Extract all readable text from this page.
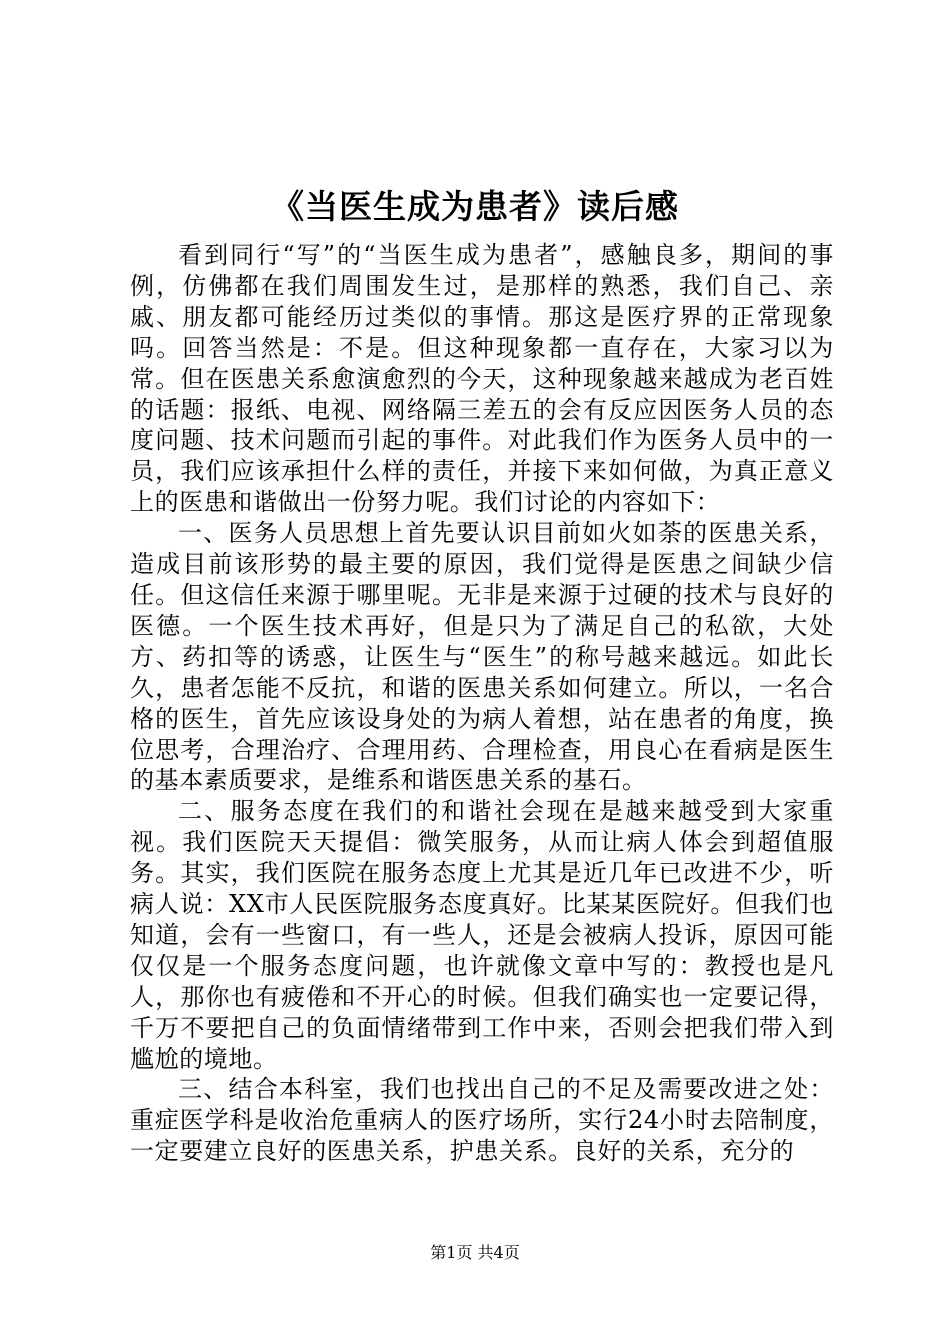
《当医生成为患者》读后感

看到同行“写”的“当医生成为患者”，感触良多，期间的事例，仿佛都在我们周围发生过，是那样的熟悉，我们自己、亲戚、朋友都可能经历过类似的事情。那这是医疗界的正常现象吗。回答当然是：不是。但这种现象都一直存在，大家习以为常。但在医患关系愈演愈烈的今天，这种现象越来越成为老百姓的话题：报纸、电视、网络隔三差五的会有反应因医务人员的态度问题、技术问题而引起的事件。对此我们作为医务人员中的一员，我们应该承担什么样的责任，并接下来如何做，为真正意义上的医患和谐做出一份努力呢。我们讨论的内容如下：

一、医务人员思想上首先要认识目前如火如荼的医患关系，造成目前该形势的最主要的原因，我们觉得是医患之间缺少信任。但这信任来源于哪里呢。无非是来源于过硬的技术与良好的医德。一个医生技术再好，但是只为了满足自己的私欲，大处方、药扣等的诱惑，让医生与“医生”的称号越来越远。如此长久，患者怎能不反抗，和谐的医患关系如何建立。所以，一名合格的医生，首先应该设身处的为病人着想，站在患者的角度，换位思考，合理治疗、合理用药、合理检查，用良心在看病是医生的基本素质要求，是维系和谐医患关系的基石。

二、服务态度在我们的和谐社会现在是越来越受到大家重视。我们医院天天提倡：微笑服务，从而让病人体会到超值服务。其实，我们医院在服务态度上尤其是近几年已改进不少，听病人说：XX市人民医院服务态度真好。比某某医院好。但我们也知道，会有一些窗口，有一些人，还是会被病人投诉，原因可能仅仅是一个服务态度问题，也许就像文章中写的：教授也是凡人，那你也有疲倦和不开心的时候。但我们确实也一定要记得，千万不要把自己的负面情绪带到工作中来，否则会把我们带入到尴尬的境地。

三、结合本科室，我们也找出自己的不足及需要改进之处：重症医学科是收治危重病人的医疗场所，实行24小时去陪制度，一定要建立良好的医患关系，护患关系。良好的关系，充分的

第1页 共4页
